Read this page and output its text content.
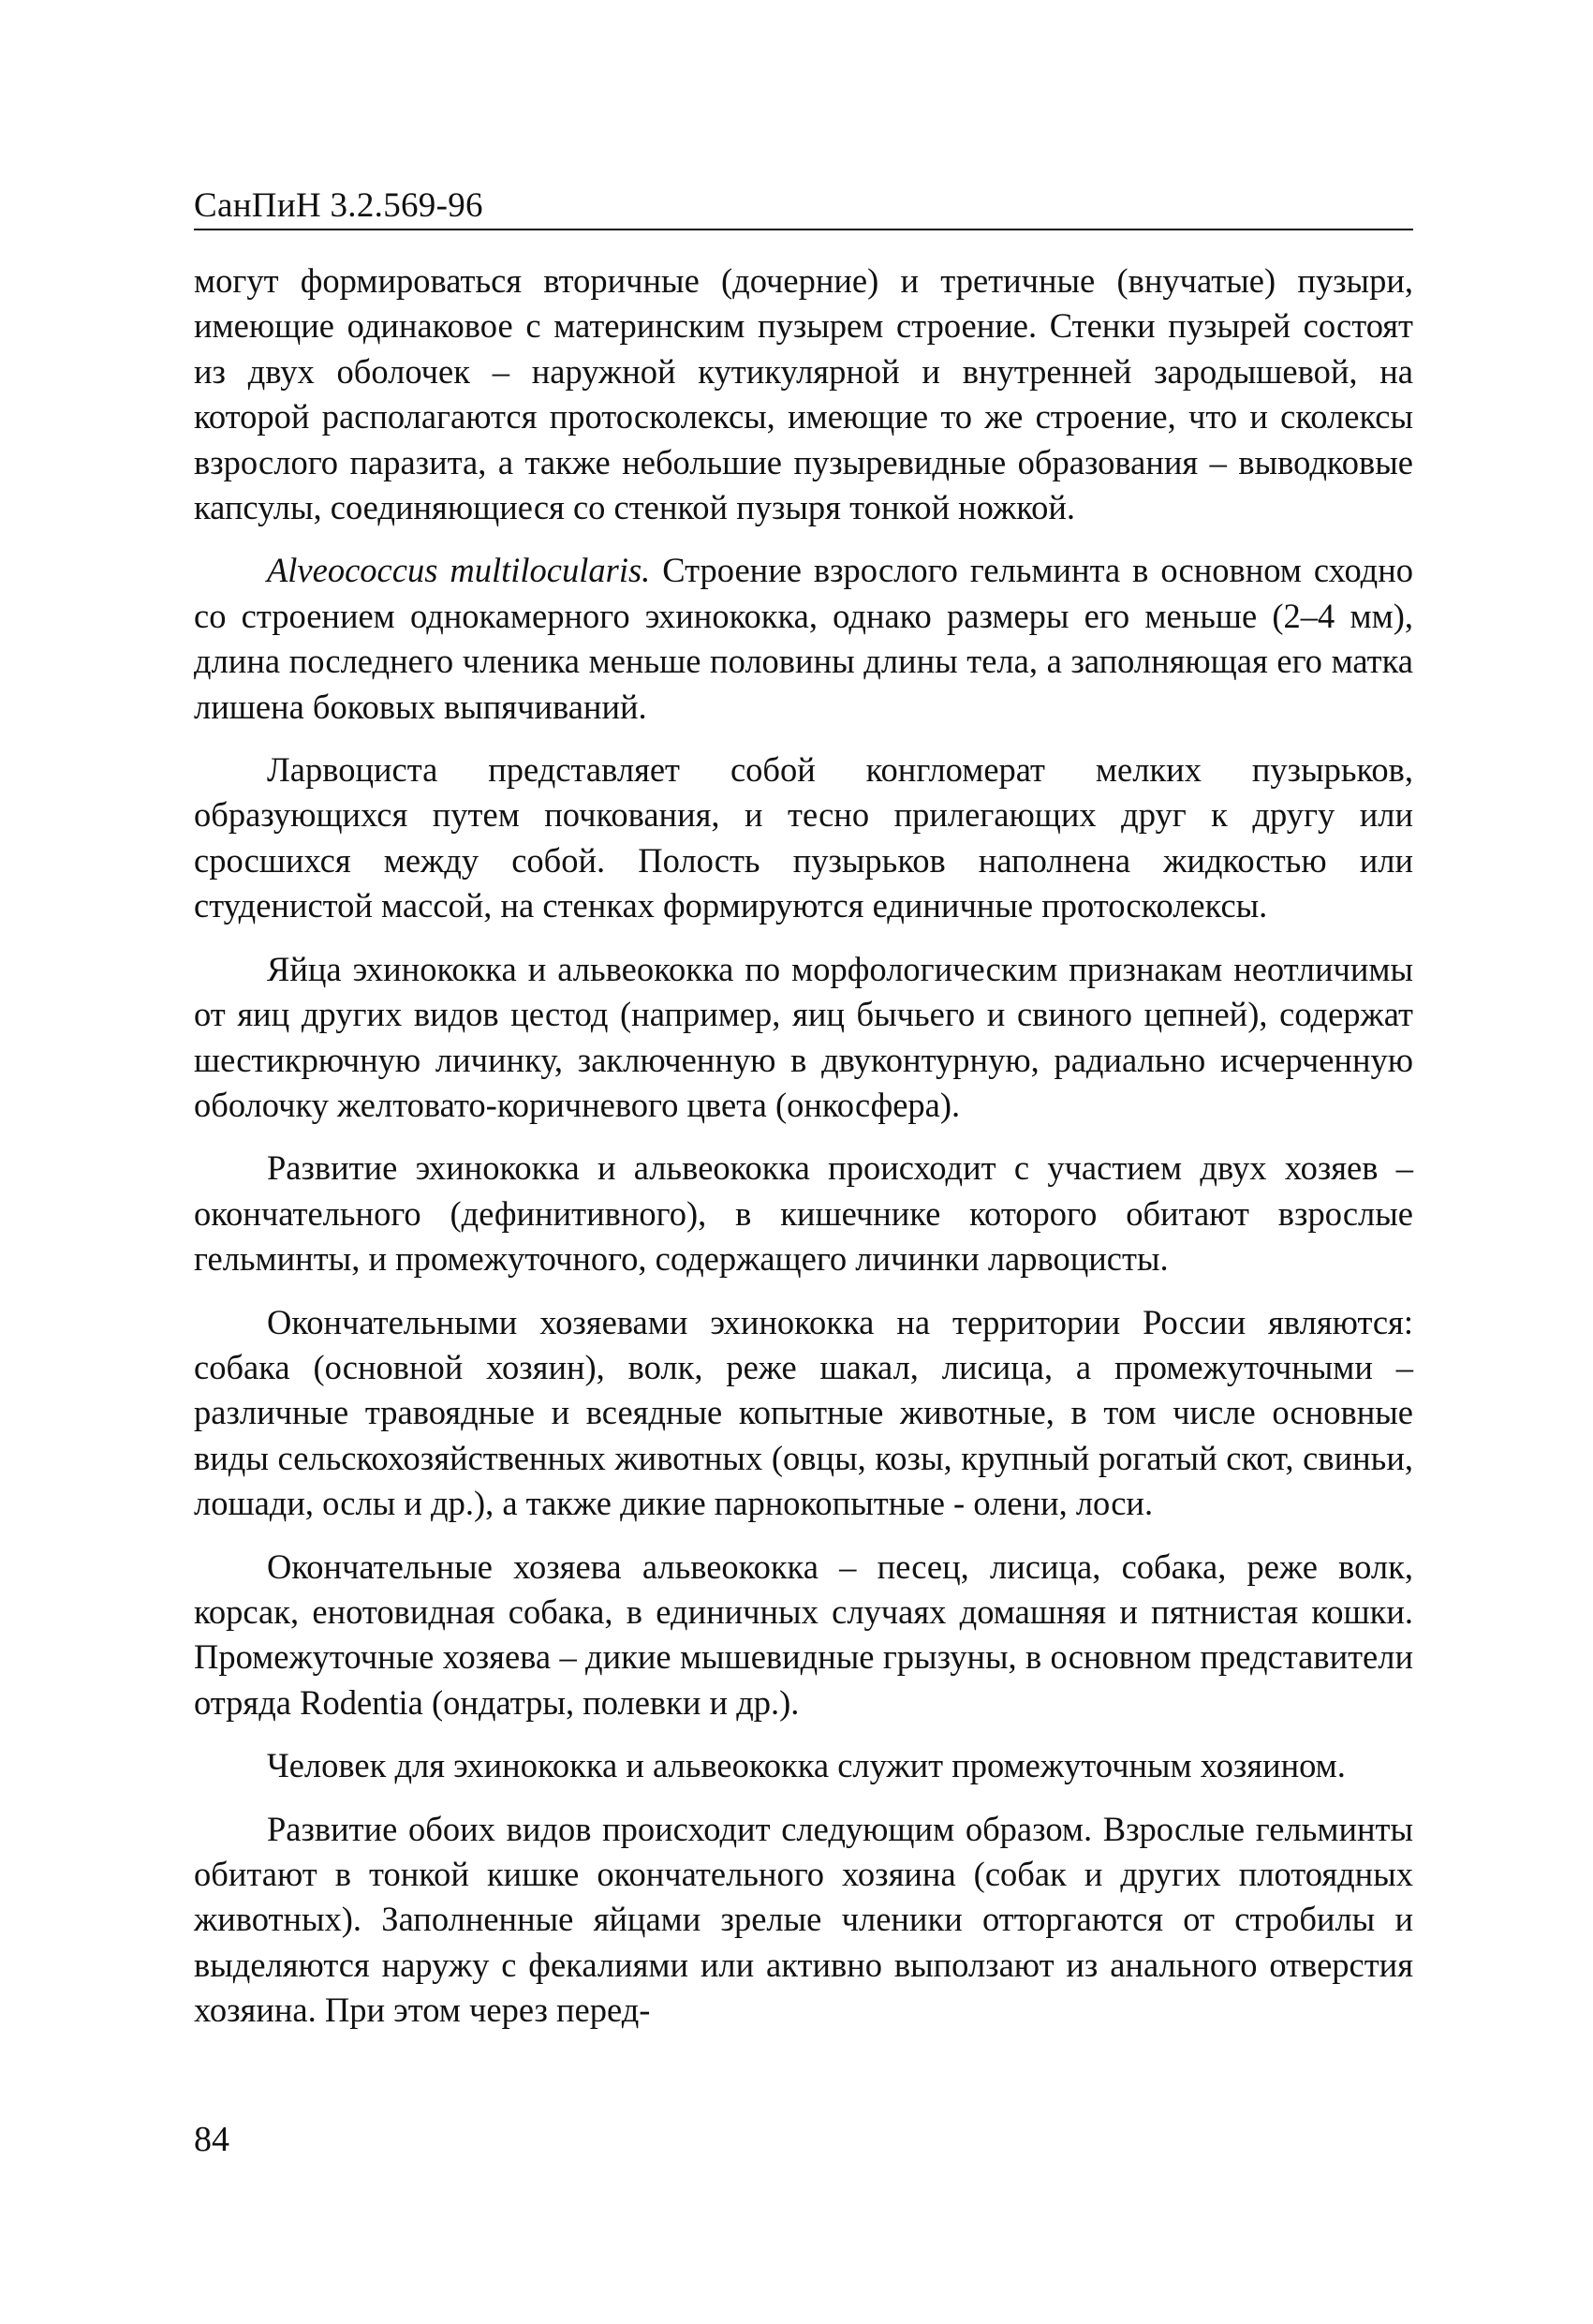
СанПиН 3.2.569-96

могут формироваться вторичные (дочерние) и третичные (внучатые) пузыри, имеющие одинаковое с материнским пузырем строение. Стенки пузырей состоят из двух оболочек – наружной кутикулярной и внутренней зародышевой, на которой располагаются протосколексы, имеющие то же строение, что и сколексы взрослого паразита, а также небольшие пузыревидные образования – выводковые капсулы, соединяющиеся со стенкой пузыря тонкой ножкой.

Alveococcus multilocularis. Строение взрослого гельминта в основном сходно со строением однокамерного эхинококка, однако размеры его меньше (2–4 мм), длина последнего членика меньше половины длины тела, а заполняющая его матка лишена боковых выпячиваний.

Ларвоциста представляет собой конгломерат мелких пузырьков, образующихся путем почкования, и тесно прилегающих друг к другу или сросшихся между собой. Полость пузырьков наполнена жидкостью или студенистой массой, на стенках формируются единичные протосколексы.

Яйца эхинококка и альвеококка по морфологическим признакам неотличимы от яиц других видов цестод (например, яиц бычьего и свиного цепней), содержат шестикрючную личинку, заключенную в двуконтурную, радиально исчерченную оболочку желтовато-коричневого цвета (онкосфера).

Развитие эхинококка и альвеококка происходит с участием двух хозяев – окончательного (дефинитивного), в кишечнике которого обитают взрослые гельминты, и промежуточного, содержащего личинки ларвоцисты.

Окончательными хозяевами эхинококка на территории России являются: собака (основной хозяин), волк, реже шакал, лисица, а промежуточными – различные травоядные и всеядные копытные животные, в том числе основные виды сельскохозяйственных животных (овцы, козы, крупный рогатый скот, свиньи, лошади, ослы и др.), а также дикие парнокопытные - олени, лоси.

Окончательные хозяева альвеококка – песец, лисица, собака, реже волк, корсак, енотовидная собака, в единичных случаях домашняя и пятнистая кошки. Промежуточные хозяева – дикие мышевидные грызуны, в основном представители отряда Rodentia (ондатры, полевки и др.).

Человек для эхинококка и альвеококка служит промежуточным хозяином.

Развитие обоих видов происходит следующим образом. Взрослые гельминты обитают в тонкой кишке окончательного хозяина (собак и других плотоядных животных). Заполненные яйцами зрелые членики отторгаются от стробилы и выделяются наружу с фекалиями или активно выползают из анального отверстия хозяина. При этом через перед-

84
